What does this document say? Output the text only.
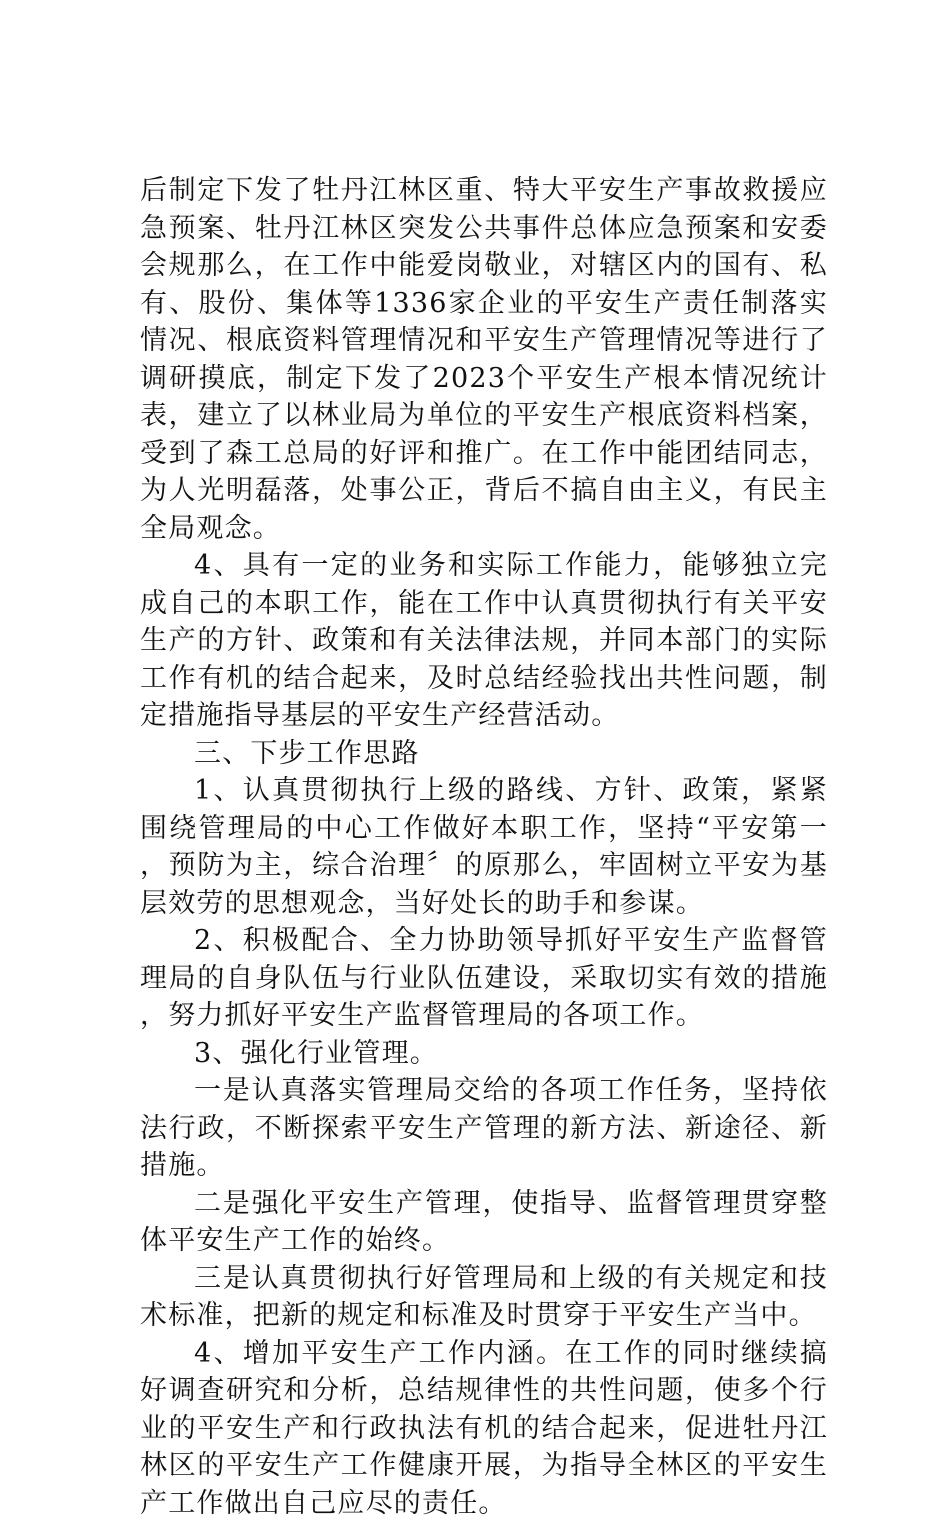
后制定下发了牡丹江林区重、特大平安生产事故救援应急预案、牡丹江林区突发公共事件总体应急预案和安委会规那么，在工作中能爱岗敬业，对辖区内的国有、私有、股份、集体等1336家企业的平安生产责任制落实情况、根底资料管理情况和平安生产管理情况等进行了调研摸底，制定下发了2023个平安生产根本情况统计表，建立了以林业局为单位的平安生产根底资料档案，受到了森工总局的好评和推广。在工作中能团结同志，为人光明磊落，处事公正，背后不搞自由主义，有民主全局观念。

4、具有一定的业务和实际工作能力，能够独立完成自己的本职工作，能在工作中认真贯彻执行有关平安生产的方针、政策和有关法律法规，并同本部门的实际工作有机的结合起来，及时总结经验找出共性问题，制定措施指导基层的平安生产经营活动。

三、下步工作思路

1、认真贯彻执行上级的路线、方针、政策，紧紧围绕管理局的中心工作做好本职工作，坚持“平安第一，预防为主，综合治理〞的原那么，牢固树立平安为基层效劳的思想观念，当好处长的助手和参谋。

2、积极配合、全力协助领导抓好平安生产监督管理局的自身队伍与行业队伍建设，采取切实有效的措施，努力抓好平安生产监督管理局的各项工作。

3、强化行业管理。

一是认真落实管理局交给的各项工作任务，坚持依法行政，不断探索平安生产管理的新方法、新途径、新措施。

二是强化平安生产管理，使指导、监督管理贯穿整体平安生产工作的始终。

三是认真贯彻执行好管理局和上级的有关规定和技术标准，把新的规定和标准及时贯穿于平安生产当中。

4、增加平安生产工作内涵。在工作的同时继续搞好调查研究和分析，总结规律性的共性问题，使多个行业的平安生产和行政执法有机的结合起来，促进牡丹江林区的平安生产工作健康开展，为指导全林区的平安生产工作做出自己应尽的责任。
